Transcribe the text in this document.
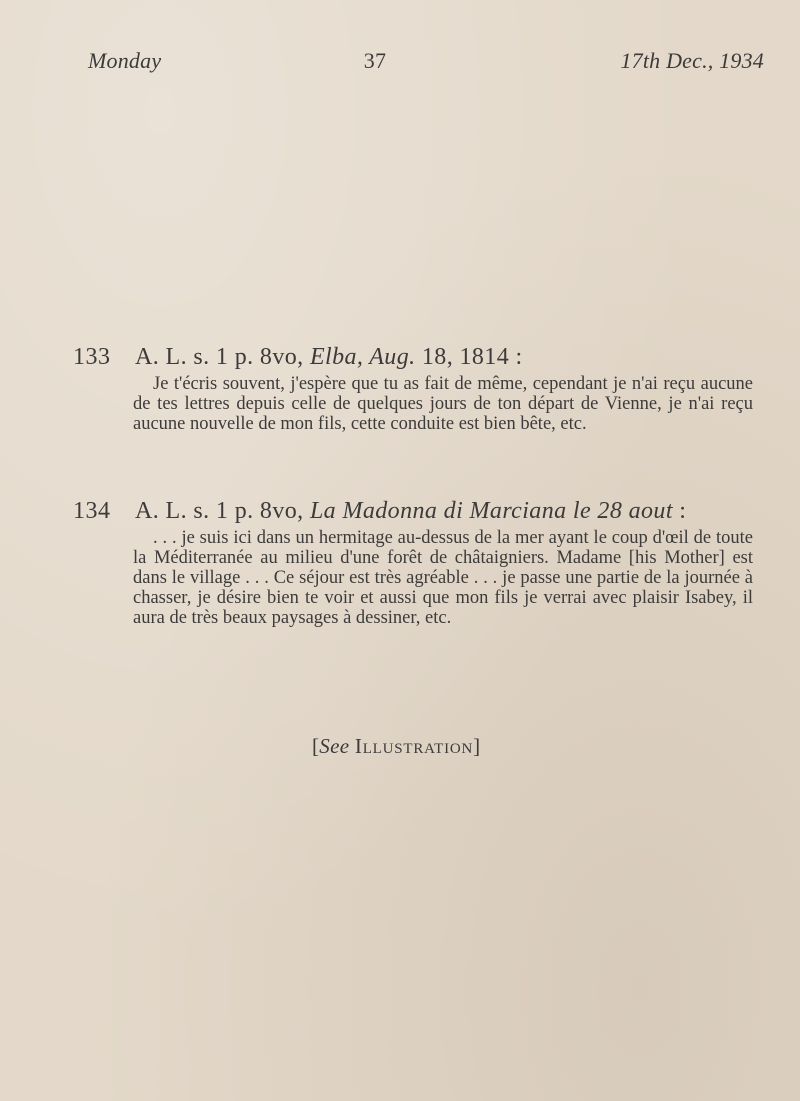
Monday	37	17th Dec., 1934
133 A. L. s. 1 p. 8vo, Elba, Aug. 18, 1814 :
Je t'écris souvent, j'espère que tu as fait de même, cependant je n'ai reçu aucune de tes lettres depuis celle de quelques jours de ton départ de Vienne, je n'ai reçu aucune nouvelle de mon fils, cette conduite est bien bête, etc.
134 A. L. s. 1 p. 8vo, La Madonna di Marciana le 28 aout :
. . . je suis ici dans un hermitage au-dessus de la mer ayant le coup d'œil de toute la Méditerranée au milieu d'une forêt de châtaigniers. Madame [his Mother] est dans le village . . . Ce séjour est très agréable . . . je passe une partie de la journée à chasser, je désire bien te voir et aussi que mon fils je verrai avec plaisir Isabey, il aura de très beaux paysages à dessiner, etc.
[See Illustration]
